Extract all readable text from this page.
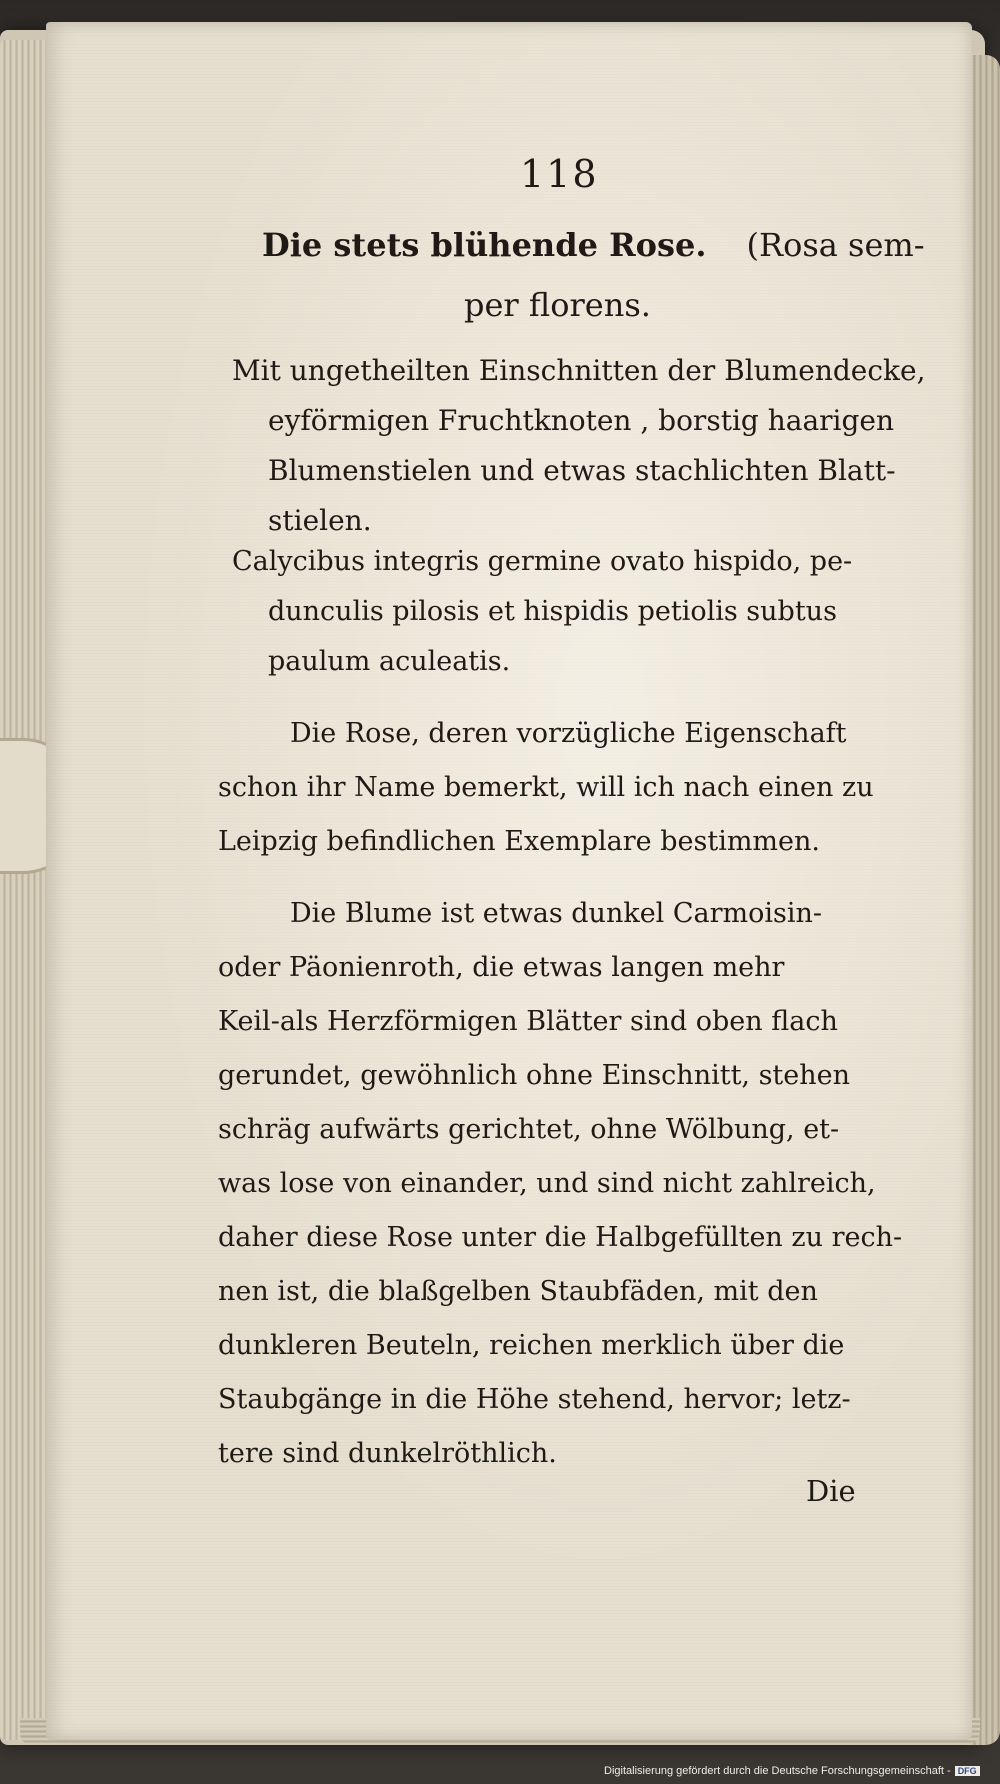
118
Die stets blühende Rose. (Rosa sem-
per florens.
Mit ungetheilten Einschnitten der Blumendecke,
eyförmigen Fruchtknoten , borstig haarigen
Blumenstielen und etwas stachlichten Blatt-
stielen.
Calycibus integris germine ovato hispido, pe-
dunculis pilosis et hispidis petiolis subtus
paulum aculeatis.
Die Rose, deren vorzügliche Eigenschaft
schon ihr Name bemerkt, will ich nach einen zu
Leipzig befindlichen Exemplare bestimmen.
Die Blume ist etwas dunkel Carmoisin-
oder Päonienroth, die etwas langen mehr
Keil-als Herzförmigen Blätter sind oben flach
gerundet, gewöhnlich ohne Einschnitt, stehen
schräg aufwärts gerichtet, ohne Wölbung, et-
was lose von einander, und sind nicht zahlreich,
daher diese Rose unter die Halbgefüllten zu rech-
nen ist, die blaßgelben Staubfäden, mit den
dunkleren Beuteln, reichen merklich über die
Staubgänge in die Höhe stehend, hervor; letz-
tere sind dunkelröthlich.
Die
Digitalisierung gefördert durch die Deutsche Forschungsgemeinschaft - DFG
